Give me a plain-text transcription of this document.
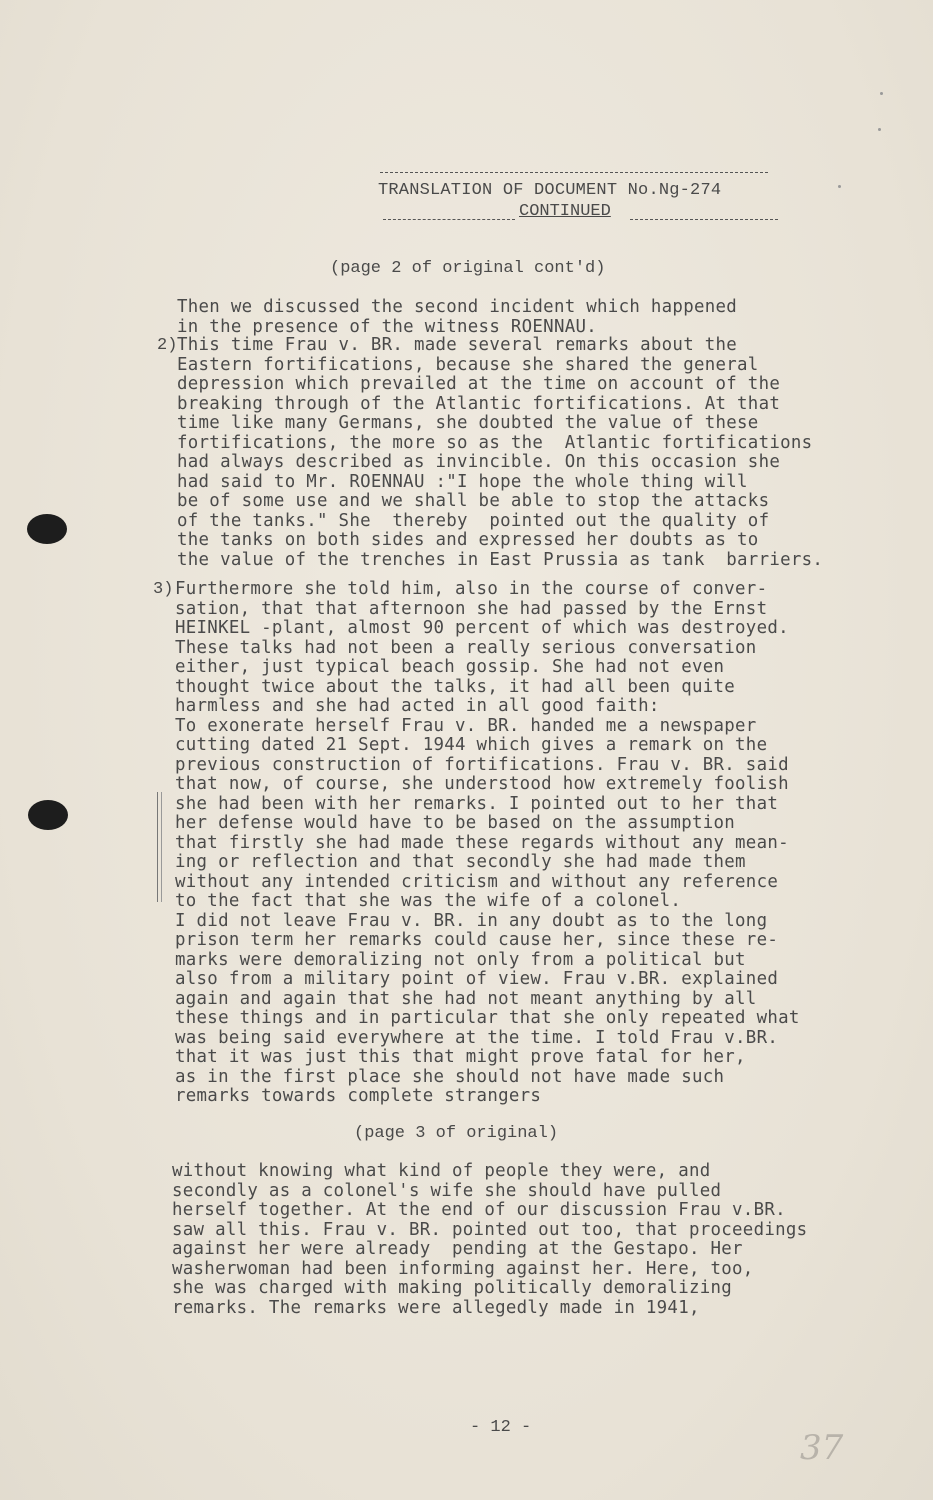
TRANSLATION OF DOCUMENT No.Ng-274
CONTINUED
(page 2 of original cont'd)
Then we discussed the second incident which happened
in the presence of the witness ROENNAU.
2) This time Frau v. BR. made several remarks about the
Eastern fortifications, because she shared the general
depression which prevailed at the time on account of the
breaking through of the Atlantic fortifications. At that
time like many Germans, she doubted the value of these
fortifications, the more so as the  Atlantic fortifications
had always described as invincible. On this occasion she
had said to Mr. ROENNAU :"I hope the whole thing will
be of some use and we shall be able to stop the attacks
of the tanks." She  thereby  pointed out the quality of
the tanks on both sides and expressed her doubts as to
the value of the trenches in East Prussia as tank  barriers.
3) Furthermore she told him, also in the course of conver-
sation, that that afternoon she had passed by the Ernst
HEINKEL -plant, almost 90 percent of which was destroyed.
These talks had not been a really serious conversation
either, just typical beach gossip. She had not even
thought twice about the talks, it had all been quite
harmless and she had acted in all good faith:
To exonerate herself Frau v. BR. handed me a newspaper
cutting dated 21 Sept. 1944 which gives a remark on the
previous construction of fortifications. Frau v. BR. said
that now, of course, she understood how extremely foolish
she had been with her remarks. I pointed out to her that
her defense would have to be based on the assumption
that firstly she had made these regards without any mean-
ing or reflection and that secondly she had made them
without any intended criticism and without any reference
to the fact that she was the wife of a colonel.
I did not leave Frau v. BR. in any doubt as to the long
prison term her remarks could cause her, since these re-
marks were demoralizing not only from a political but
also from a military point of view. Frau v.BR. explained
again and again that she had not meant anything by all
these things and in particular that she only repeated what
was being said everywhere at the time. I told Frau v.BR.
that it was just this that might prove fatal for her,
as in the first place she should not have made such
remarks towards complete strangers
(page 3 of original)
without knowing what kind of people they were, and
secondly as a colonel's wife she should have pulled
herself together. At the end of our discussion Frau v.BR.
saw all this. Frau v. BR. pointed out too, that proceedings
against her were already  pending at the Gestapo. Her
washerwoman had been informing against her. Here, too,
she was charged with making politically demoralizing
remarks. The remarks were allegedly made in 1941,
- 12 -
37
